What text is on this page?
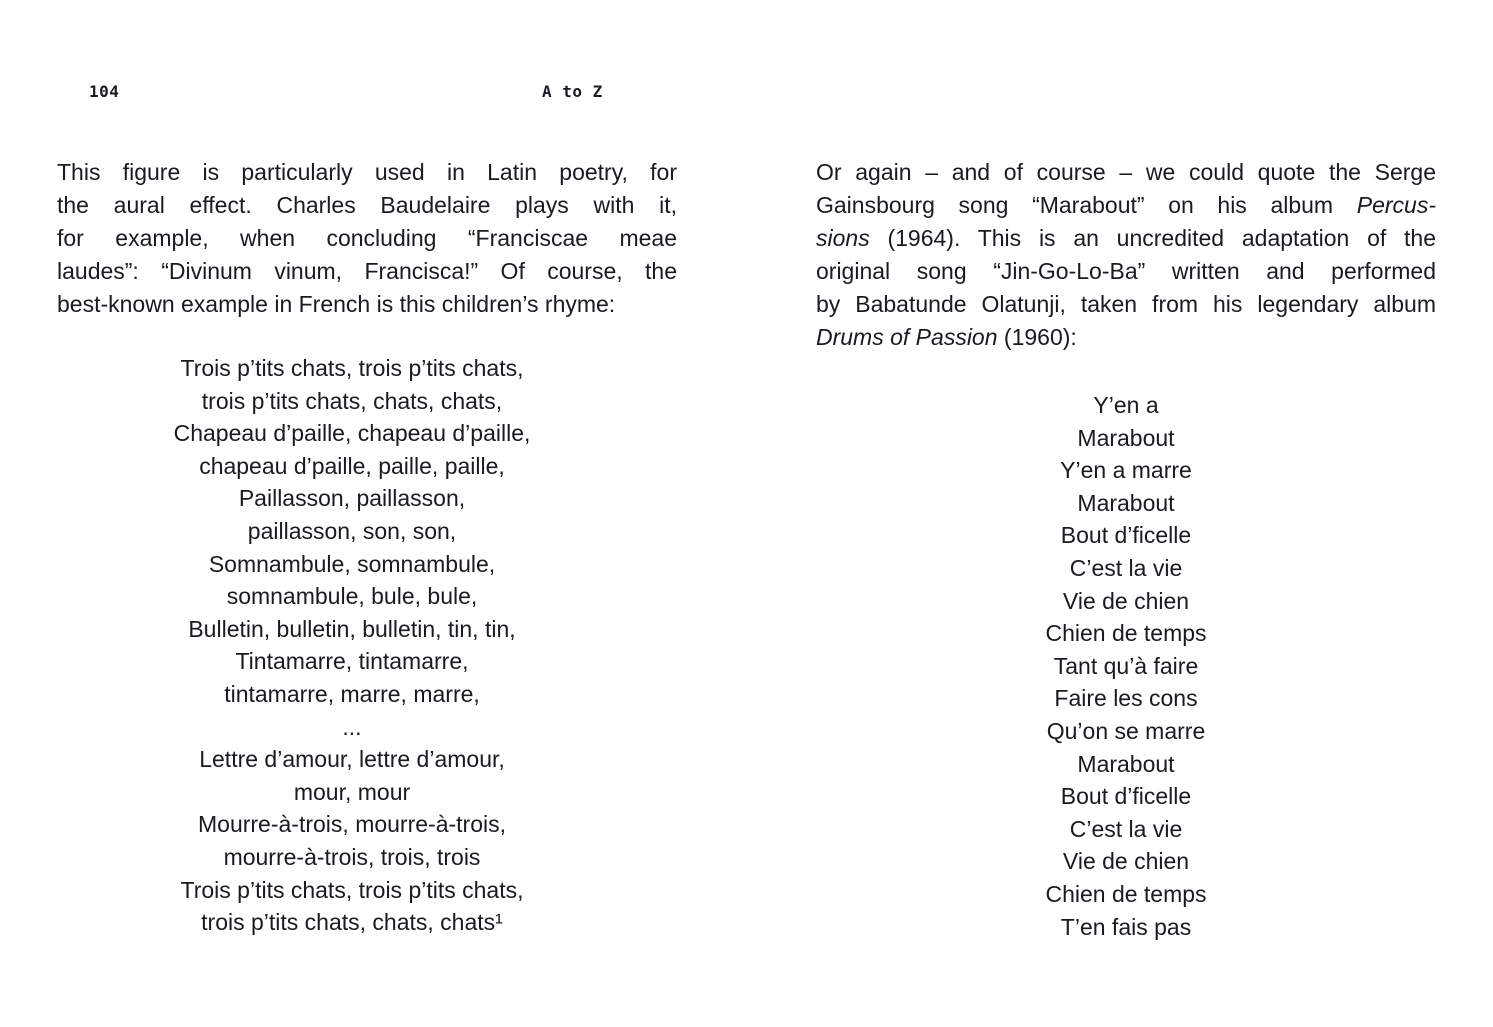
104	A to Z
This figure is particularly used in Latin poetry, for
the aural effect. Charles Baudelaire plays with it,
for example, when concluding “Franciscae meae
laudes”: “Divinum vinum, Francisca!” Of course, the
best-known example in French is this children’s rhyme:
Trois p’tits chats, trois p’tits chats,
trois p’tits chats, chats, chats,
Chapeau d’paille, chapeau d’paille,
chapeau d’paille, paille, paille,
Paillasson, paillasson,
paillasson, son, son,
Somnambule, somnambule,
somnambule, bule, bule,
Bulletin, bulletin, bulletin, tin, tin,
Tintamarre, tintamarre,
tintamarre, marre, marre,
...
Lettre d’amour, lettre d’amour,
mour, mour
Mourre-à-trois, mourre-à-trois,
mourre-à-trois, trois, trois
Trois p’tits chats, trois p’tits chats,
trois p’tits chats, chats, chats¹
Or again – and of course – we could quote the Serge
Gainsbourg song “Marabout” on his album Percus-
sions (1964). This is an uncredited adaptation of the
original song “Jin-Go-Lo-Ba” written and performed
by Babatunde Olatunji, taken from his legendary album
Drums of Passion (1960):
Y’en a
Marabout
Y’en a marre
Marabout
Bout d’ficelle
C’est la vie
Vie de chien
Chien de temps
Tant qu’à faire
Faire les cons
Qu’on se marre
Marabout
Bout d’ficelle
C’est la vie
Vie de chien
Chien de temps
T’en fais pas
